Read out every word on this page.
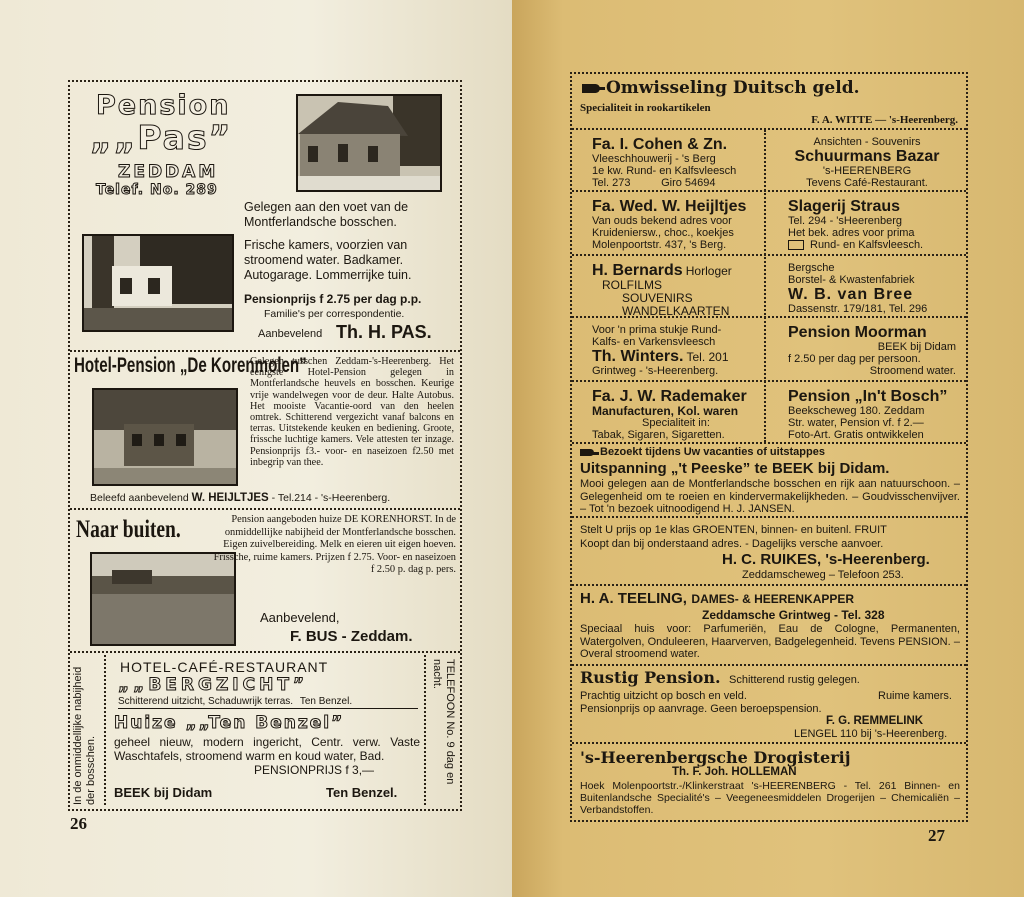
Pension
„„Pas”
ZEDDAM
Telef. No. 289
Gelegen aan den voet van de Montferlandsche bosschen.
Frische kamers, voorzien van stroomend water. Badkamer. Autogarage. Lommerrijke tuin.
Pensionprijs f 2.75 per dag p.p.
Familie's per correspondentie.
Aanbevelend Th. H. PAS.
Hotel-Pension „De Korenmolen”
Gelegen tusschen Zeddam-'s-Heerenberg. Het eenigste Hotel-Pension gelegen in Montferlandsche heuvels en bosschen. Keurige vrije wandelwegen voor de deur. Halte Autobus. Het mooiste Vacantie-oord van den heelen omtrek. Schitterend vergezicht vanaf balcons en terras. Uitstekende keuken en bediening. Groote, frissche luchtige kamers. Vele attesten ter inzage. Pensionprijs f3.- voor- en naseizoen f2.50 met inbegrip van thee.
Beleefd aanbevelend W. HEIJLTJES - Tel.214 - 's-Heerenberg.
Naar buiten.	Pension aangeboden huize DE KORENHORST. In de onmiddellijke nabijheid der Montferlandsche bosschen. Eigen zuivelbereiding. Melk en eieren uit eigen hoeven. Frissche, ruime kamers. Prijzen f 2.75. Voor- en naseizoen f 2.50 p. dag p. pers.
Aanbevelend,
F. BUS - Zeddam.
In de onmiddellijke nabijheid der bosschen.	TELEFOON No. 9 dag en nacht.
HOTEL-CAFÉ-RESTAURANT
„„BERGZICHT”
Schitterend uitzicht, Schaduwrijk terras. Ten Benzel.
Huize „„Ten Benzel”
geheel nieuw, modern ingericht, Centr. verw. Vaste Waschtafels, stroomend warm en koud water, Bad.
PENSIONPRIJS f 3,—
BEEK bij Didam	Ten Benzel.
26
Omwisseling Duitsch geld.
Specialiteit in rookartikelen
F. A. WITTE — 's-Heerenberg.
Fa. I. Cohen & Zn.
Vleeschhouwerij - 's Berg
1e kw. Rund- en Kalfsvleesch
Tel. 273          Giro 54694
Ansichten - Souvenirs
Schuurmans Bazar
's-HEERENBERG
Tevens Café-Restaurant.
Fa. Wed. W. Heijltjes
Van ouds bekend adres voor
Kruideniersw., choc., koekjes
Molenpoortstr. 437, 's Berg.
Slagerij Straus
Tel. 294 - 'sHeerenberg
Het bek. adres voor prima
Rund- en Kalfsvleesch.
H. Bernards Horloger
ROLFILMS
SOUVENIRS
WANDELKAARTEN
Bergsche
Borstel- & Kwastenfabriek
W. B. van Bree
Dassenstr. 179/181, Tel. 296
Voor 'n prima stukje Rund-
Kalfs- en Varkensvleesch
Th. Winters. Tel. 201
Grintweg - 's-Heerenberg.
Pension Moorman
BEEK bij Didam
f 2.50 per dag per persoon.
Stroomend water.
Fa. J. W. Rademaker
Manufacturen, Kol. waren
Specialiteit in:
Tabak, Sigaren, Sigaretten.
Pension „In't Bosch”
Beekscheweg 180. Zeddam
Str. water, Pension vf. f 2.—
Foto-Art. Gratis ontwikkelen
Bezoekt tijdens Uw vacanties of uitstappes
Uitspanning „'t Peeske” te BEEK bij Didam.
Mooi gelegen aan de Montferlandsche bosschen en rijk aan natuurschoon. – Gelegenheid om te roeien en kindervermakelijkheden. – Goudvisschenvijver. – Tot 'n bezoek uitnoodigend H. J. JANSEN.
Stelt U prijs op 1e klas GROENTEN, binnen- en buitenl. FRUIT
Koopt dan bij onderstaand adres. - Dagelijks versche aanvoer.
H. C. RUIKES, 's-Heerenberg.
Zeddamscheweg – Telefoon 253.
H. A. TEELING, DAMES- & HEERENKAPPER
Zeddamsche Grintweg - Tel. 328
Speciaal huis voor: Parfumeriën, Eau de Cologne, Permanenten, Watergolven, Onduleeren, Haarverven, Badgelegenheid. Tevens PENSION. – Overal stroomend water.
Rustig Pension. Schitterend rustig gelegen.
Prachtig uitzicht op bosch en veld.	Ruime kamers.
Pensionprijs op aanvrage. Geen beroepspension.
F. G. REMMELINK
LENGEL 110 bij 's-Heerenberg.
's-Heerenbergsche Drogisterij
Th. F. Joh. HOLLEMAN
Hoek Molenpoortstr.-/Klinkerstraat 's-HEERENBERG - Tel. 261 Binnen- en Buitenlandsche Specialité's – Veegeneesmiddelen Drogerijen – Chemicaliën – Verbandstoffen.
27
